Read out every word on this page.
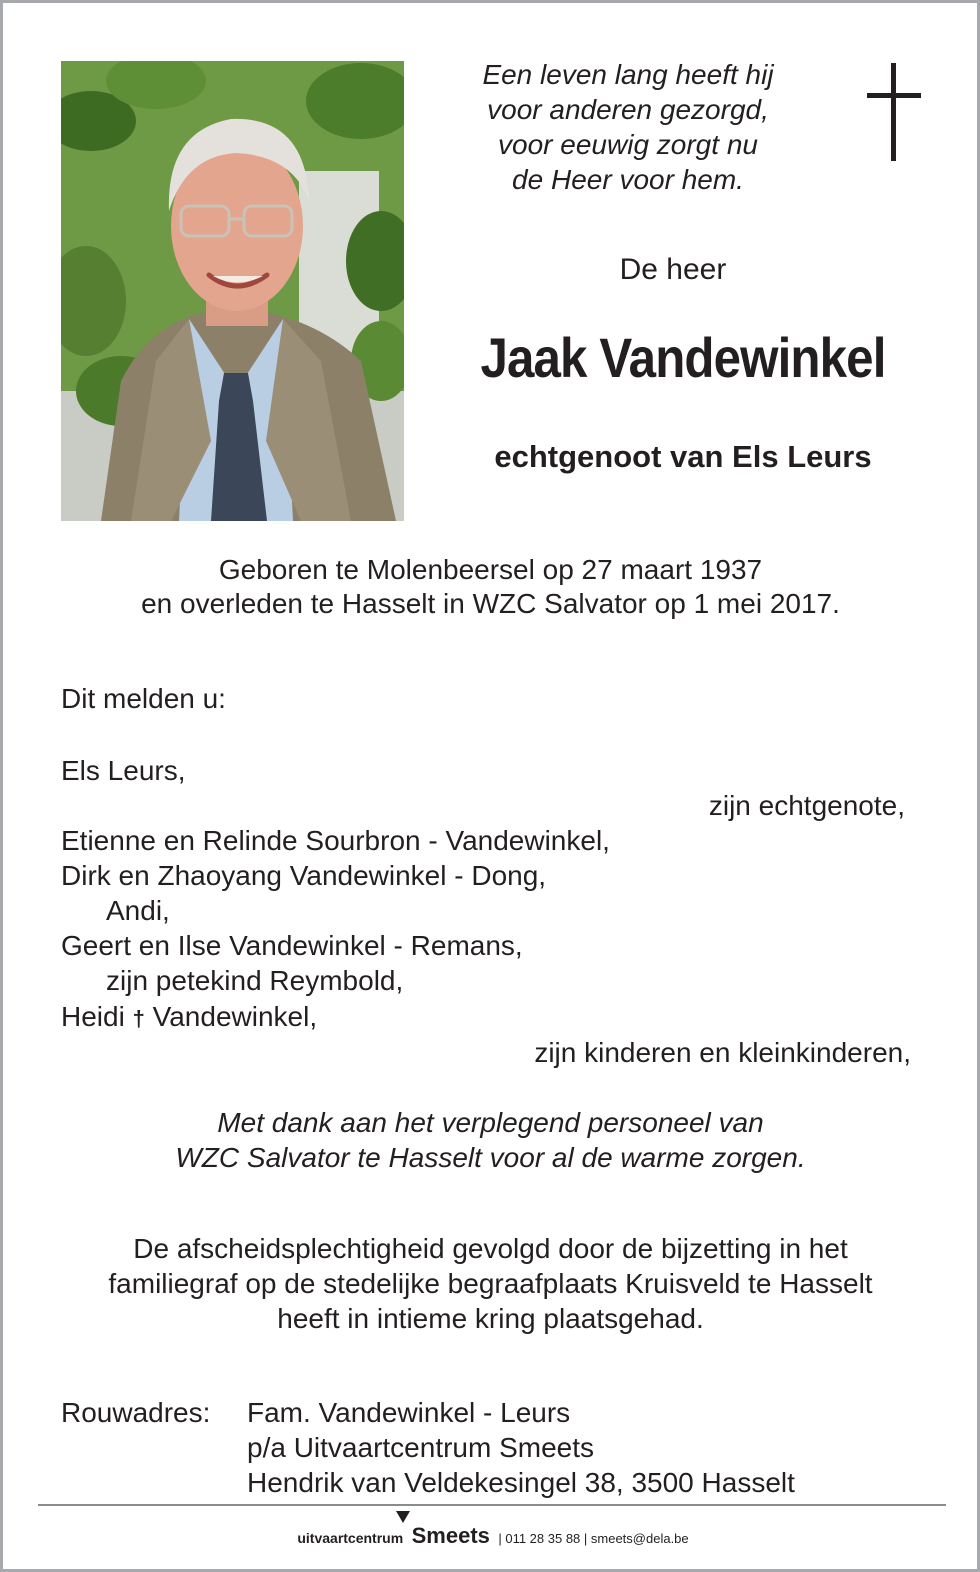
Een leven lang heeft hij
voor anderen gezorgd,
voor eeuwig zorgt nu
de Heer voor hem.
De heer
Jaak Vandewinkel
echtgenoot van Els Leurs
Geboren te Molenbeersel op 27 maart 1937
en overleden te Hasselt in WZC Salvator op 1 mei 2017.
Dit melden u:
Els Leurs,
zijn echtgenote,
Etienne en Relinde Sourbron - Vandewinkel,
Dirk en Zhaoyang Vandewinkel - Dong,
Andi,
Geert en Ilse Vandewinkel - Remans,
zijn petekind Reymbold,
Heidi † Vandewinkel,
zijn kinderen en kleinkinderen,
Met dank aan het verplegend personeel van
WZC Salvator te Hasselt voor al de warme zorgen.
De afscheidsplechtigheid gevolgd door de bijzetting in het
familiegraf op de stedelijke begraafplaats Kruisveld te Hasselt
heeft in intieme kring plaatsgehad.
Rouwadres: Fam. Vandewinkel - Leurs
p/a Uitvaartcentrum Smeets
Hendrik van Veldekesingel 38, 3500 Hasselt
uitvaartcentrum Smeets | 011 28 35 88 | smeets@dela.be
